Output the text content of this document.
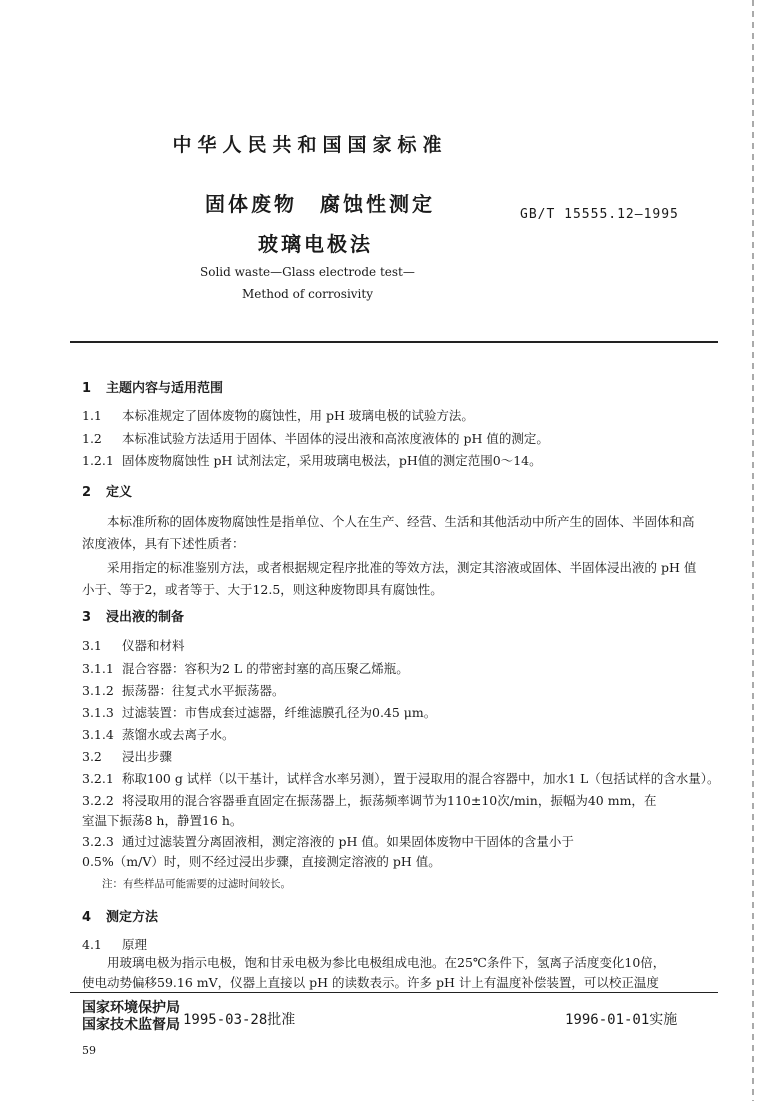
中华人民共和国国家标准
固体废物　腐蚀性测定
玻璃电极法
GB/T 15555.12—1995
Solid waste—Glass electrode test—
Method of corrosivity
1 主题内容与适用范围
1.1 本标准规定了固体废物的腐蚀性，用 pH 玻璃电极的试验方法。
1.2 本标准试验方法适用于固体、半固体的浸出液和高浓度液体的 pH 值的测定。
1.2.1 固体废物腐蚀性 pH 试剂法定，采用玻璃电极法，pH值的测定范围0～14。
2 定义
本标准所称的固体废物腐蚀性是指单位、个人在生产、经营、生活和其他活动中所产生的固体、半固体和高浓度液体，具有下述性质者：
采用指定的标准鉴别方法，或者根据规定程序批准的等效方法，测定其溶液或固体、半固体浸出液的 pH 值小于、等于2，或者等于、大于12.5，则这种废物即具有腐蚀性。
3 浸出液的制备
3.1 仪器和材料
3.1.1 混合容器：容积为2 L 的带密封塞的高压聚乙烯瓶。
3.1.2 振荡器：往复式水平振荡器。
3.1.3 过滤装置：市售成套过滤器，纤维滤膜孔径为0.45 μm。
3.1.4 蒸馏水或去离子水。
3.2 浸出步骤
3.2.1 称取100 g 试样（以干基计，试样含水率另测），置于浸取用的混合容器中，加水1 L（包括试样的含水量）。
3.2.2 将浸取用的混合容器垂直固定在振荡器上，振荡频率调节为110±10次/min，振幅为40 mm，在
室温下振荡8 h，静置16 h。
3.2.3 通过过滤装置分离固液相，测定溶液的 pH 值。如果固体废物中干固体的含量小于
0.5%（m/V）时，则不经过浸出步骤，直接测定溶液的 pH 值。
注：有些样品可能需要的过滤时间较长。
4 测定方法
4.1 原理
用玻璃电极为指示电极，饱和甘汞电极为参比电极组成电池。在25℃条件下，氢离子活度变化10倍，
使电动势偏移59.16 mV，仪器上直接以 pH 的读数表示。许多 pH 计上有温度补偿装置，可以校正温度
国家环境保护局
国家技术监督局 1995-03-28批准	1996-01-01实施
59
